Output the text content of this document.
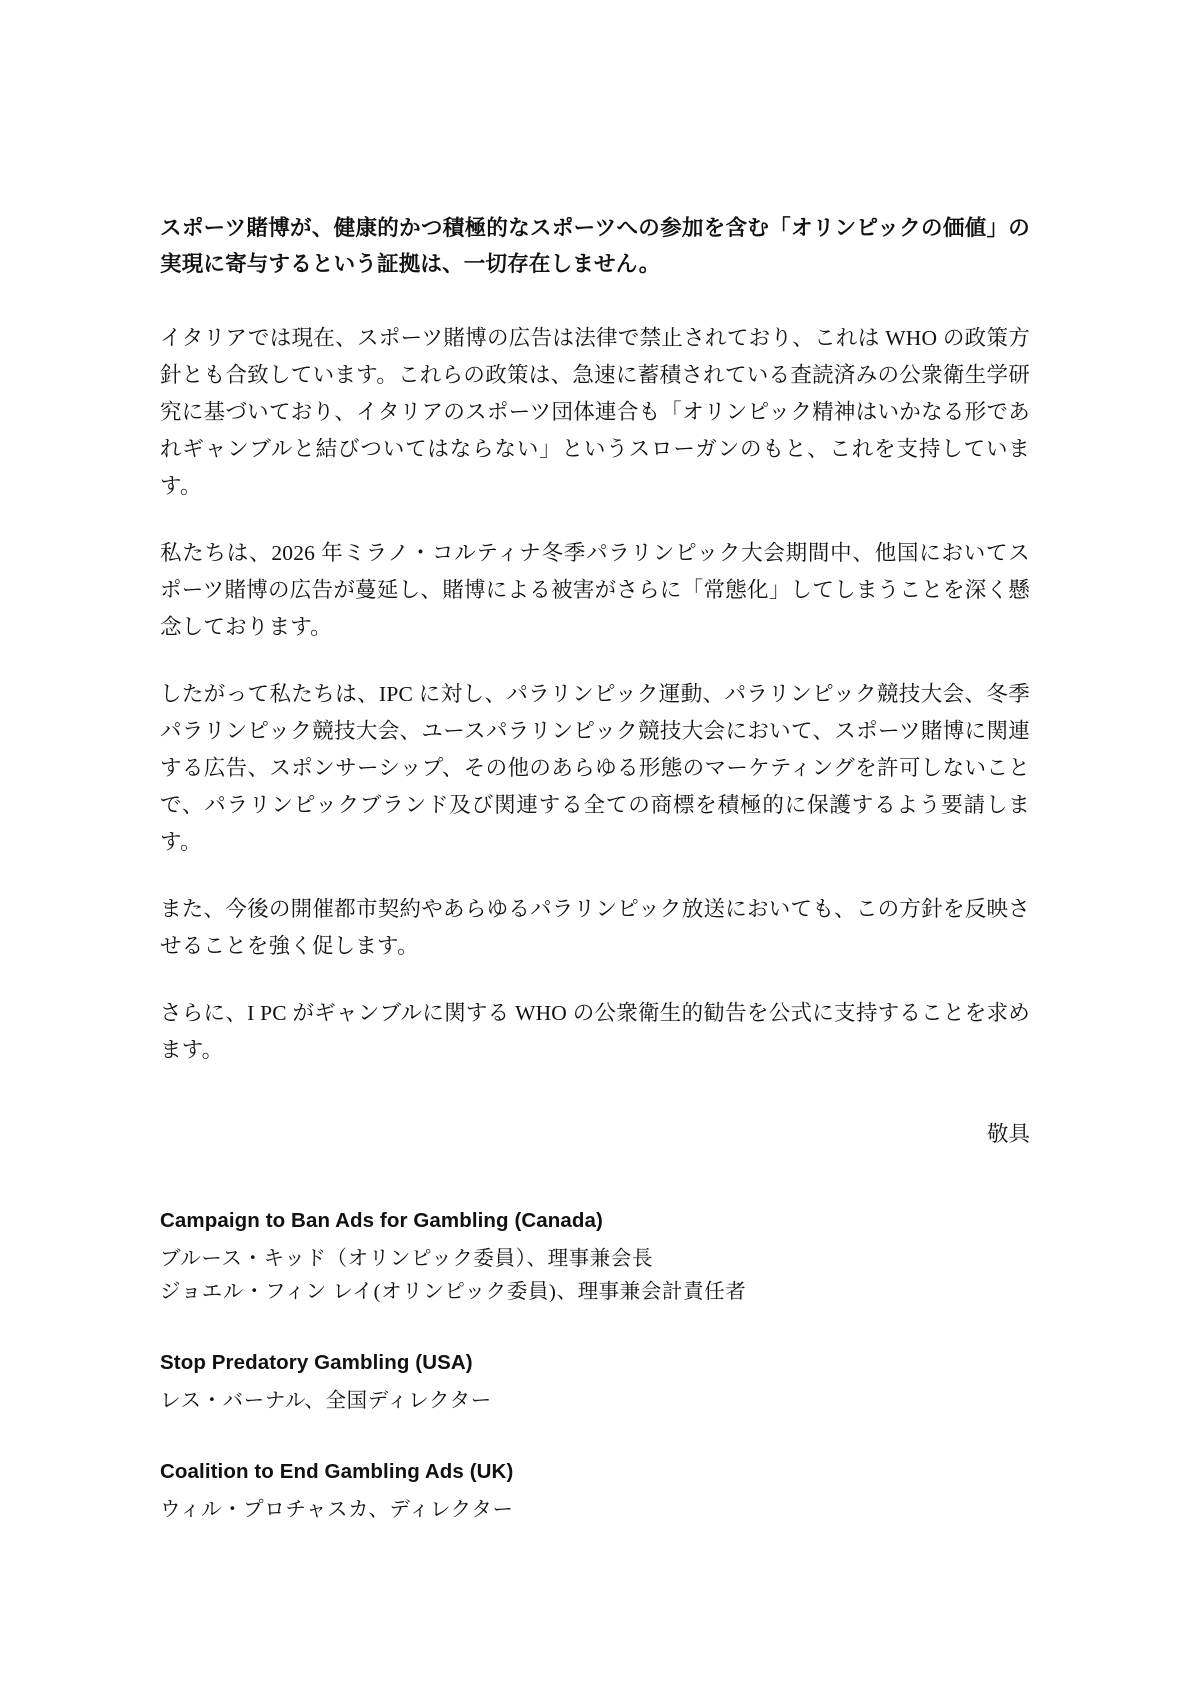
スポーツ賭博が、健康的かつ積極的なスポーツへの参加を含む「オリンピックの価値」の実現に寄与するという証拠は、一切存在しません。

イタリアでは現在、スポーツ賭博の広告は法律で禁止されており、これは WHO の政策方針とも合致しています。これらの政策は、急速に蓄積されている査読済みの公衆衛生学研究に基づいており、イタリアのスポーツ団体連合も「オリンピック精神はいかなる形であれギャンブルと結びついてはならない」というスローガンのもと、これを支持しています。

私たちは、2026 年ミラノ・コルティナ冬季パラリンピック大会期間中、他国においてスポーツ賭博の広告が蔓延し、賭博による被害がさらに「常態化」してしまうことを深く懸念しております。

したがって私たちは、IPC に対し、パラリンピック運動、パラリンピック競技大会、冬季パラリンピック競技大会、ユースパラリンピック競技大会において、スポーツ賭博に関連する広告、スポンサーシップ、その他のあらゆる形態のマーケティングを許可しないことで、パラリンピックブランド及び関連する全ての商標を積極的に保護するよう要請します。

また、今後の開催都市契約やあらゆるパラリンピック放送においても、この方針を反映させることを強く促します。

さらに、I PC がギャンブルに関する WHO の公衆衛生的勧告を公式に支持することを求めます。

敬具

Campaign to Ban Ads for Gambling (Canada)

ブルース・キッド（オリンピック委員）、理事兼会長

ジョエル・フィン レイ(オリンピック委員)、理事兼会計責任者

Stop Predatory Gambling (USA)

レス・バーナル、全国ディレクター

Coalition to End Gambling Ads (UK)

ウィル・プロチャスカ、ディレクター
